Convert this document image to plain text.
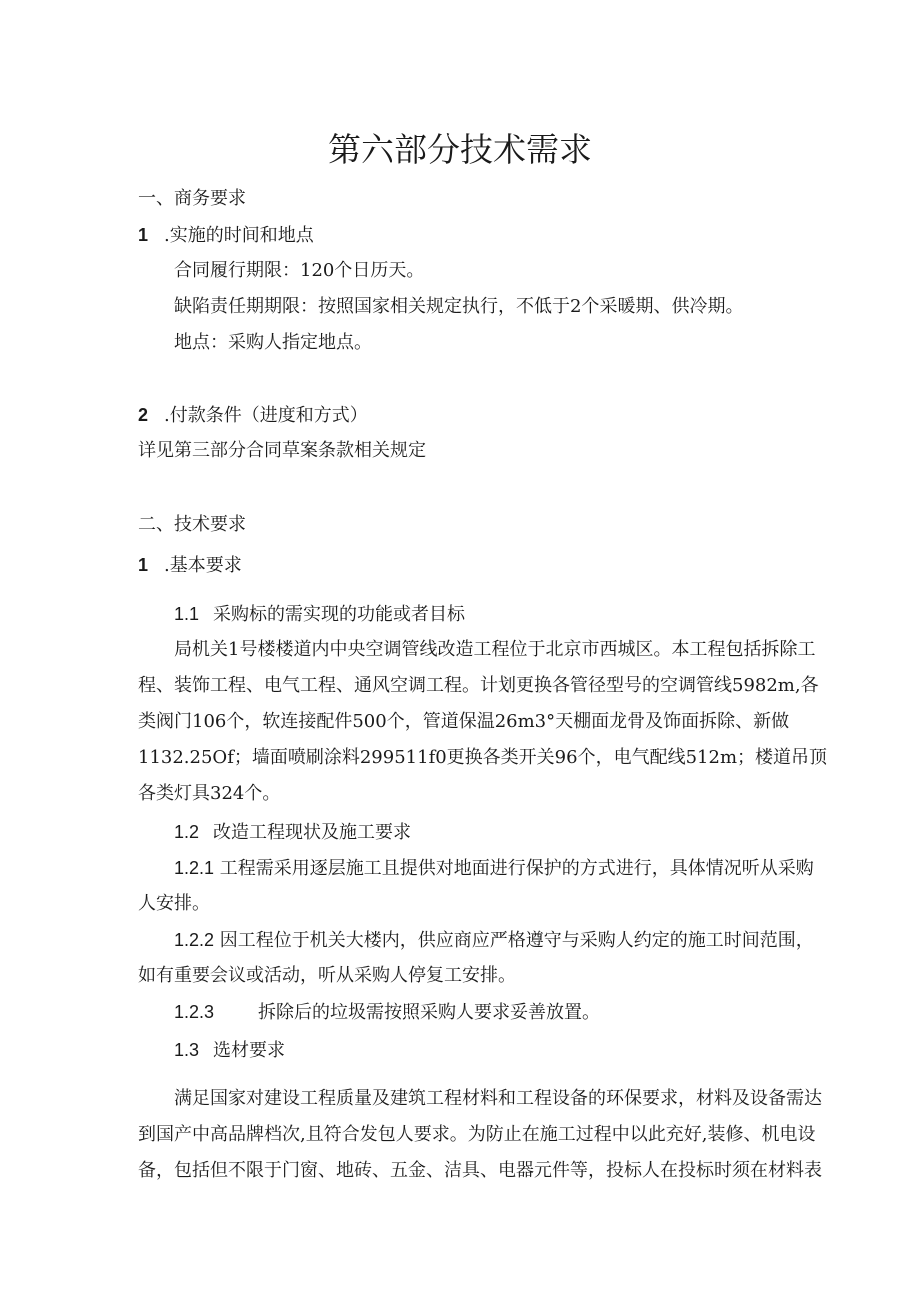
第六部分技术需求
一、商务要求
1 .实施的时间和地点
合同履行期限：120个日历天。
缺陷责任期期限：按照国家相关规定执行，不低于2个采暖期、供冷期。
地点：采购人指定地点。
2 .付款条件（进度和方式）
详见第三部分合同草案条款相关规定
二、技术要求
1 .基本要求
1.1 采购标的需实现的功能或者目标
局机关1号楼楼道内中央空调管线改造工程位于北京市西城区。本工程包括拆除工
程、装饰工程、电气工程、通风空调工程。计划更换各管径型号的空调管线5982m,各
类阀门106个，软连接配件500个，管道保温26m3°天棚面龙骨及饰面拆除、新做
1132.25Of；墙面喷刷涂料299511f0更换各类开关96个，电气配线512m；楼道吊顶
各类灯具324个。
1.2 改造工程现状及施工要求
1.2.1 工程需采用逐层施工且提供对地面进行保护的方式进行，具体情况听从采购
人安排。
1.2.2 因工程位于机关大楼内，供应商应严格遵守与采购人约定的施工时间范围，
如有重要会议或活动，听从采购人停复工安排。
1.2.3 拆除后的垃圾需按照采购人要求妥善放置。
1.3 选材要求
满足国家对建设工程质量及建筑工程材料和工程设备的环保要求，材料及设备需达
到国产中高品牌档次,且符合发包人要求。为防止在施工过程中以此充好,装修、机电设
备，包括但不限于门窗、地砖、五金、洁具、电器元件等，投标人在投标时须在材料表
